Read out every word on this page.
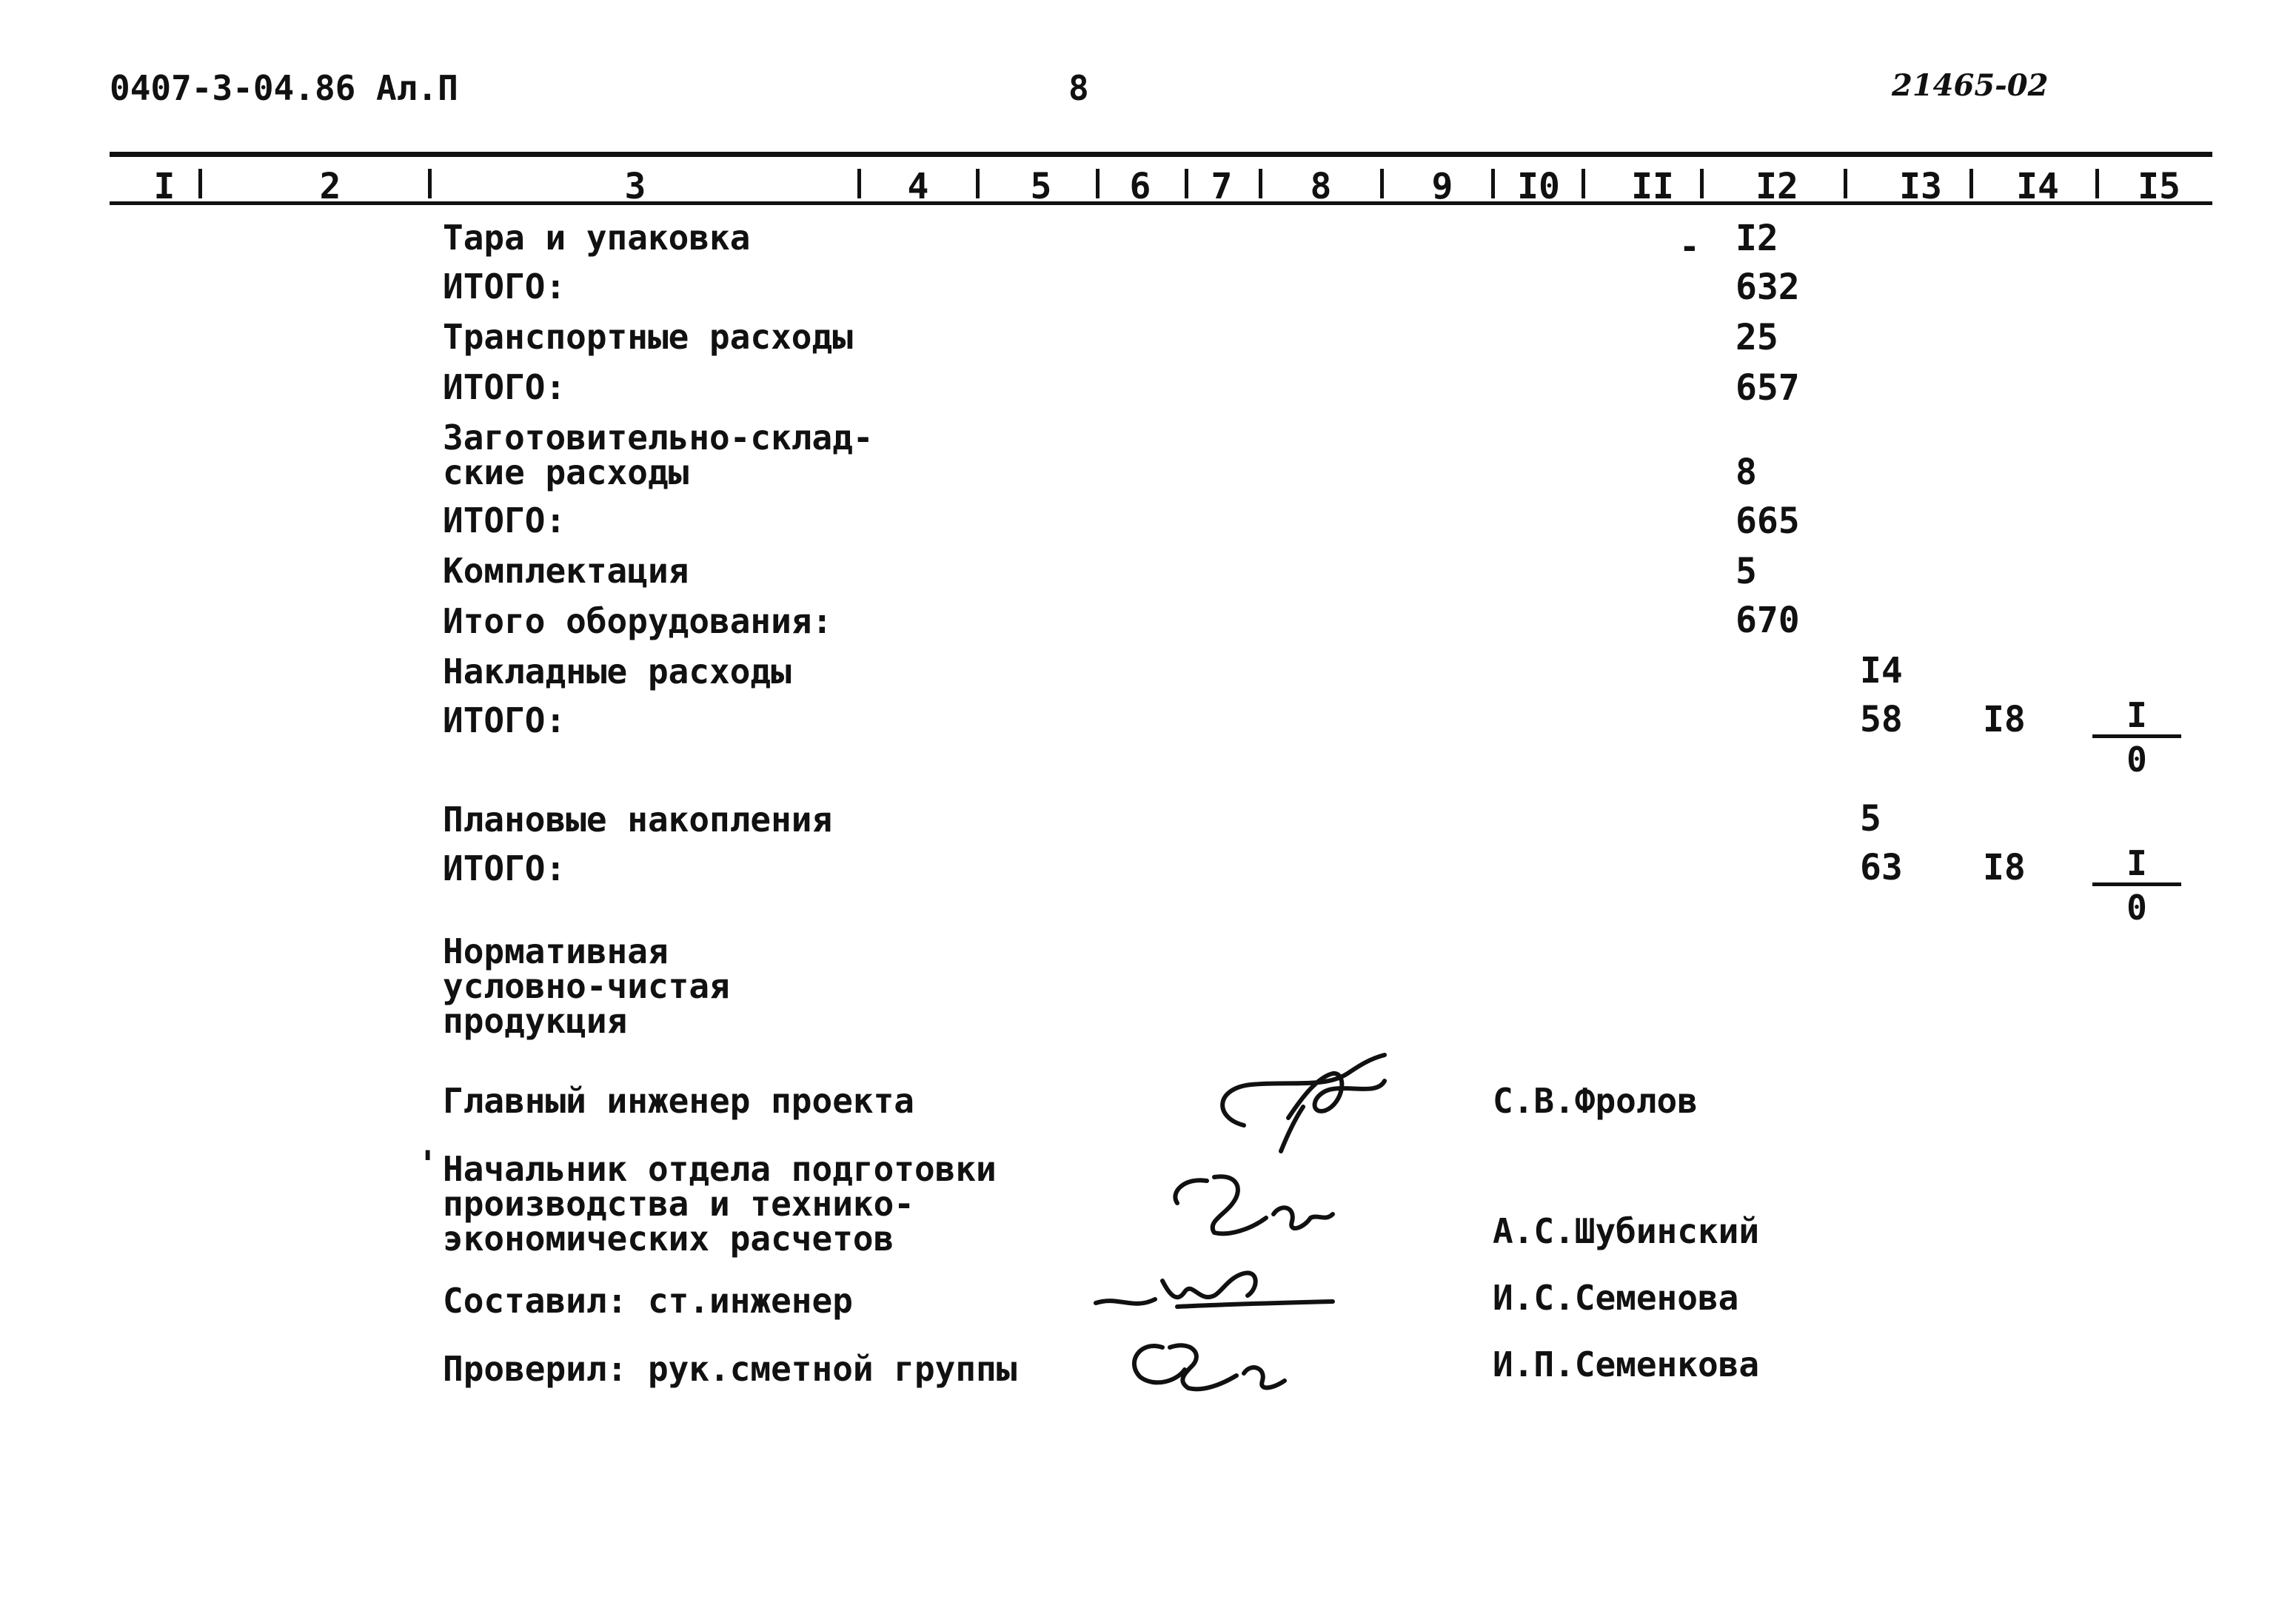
0407-3-04.86 Ал.П	8	21465-02
I	2	3	4	5 6 7 8	9 I0 II I2	I3 I4 I5
Тара и упаковка	I2
-
ИТОГО:	632
Транспортные расходы	25
ИТОГО:	657
Заготовительно-склад-
ские расходы	8
ИТОГО:	665
Комплектация	5
Итого оборудования:	670
Накладные расходы	I4
ИТОГО:	58 $I8 \frac{I}{0}$
Плановые накопления	5
ИТОГО:	63 $I8 \frac{I}{0}$
Нормативная
условно-чистая
продукция
Главный инженер проекта	С.В.Фролов
' Начальник отдела подготовки
производства и технико-
экономических расчетов	А.С.Шубинский
Составил: ст.инженер	И.С.Семенова
Проверил: рук.сметной группы	И.П.Семенкова
